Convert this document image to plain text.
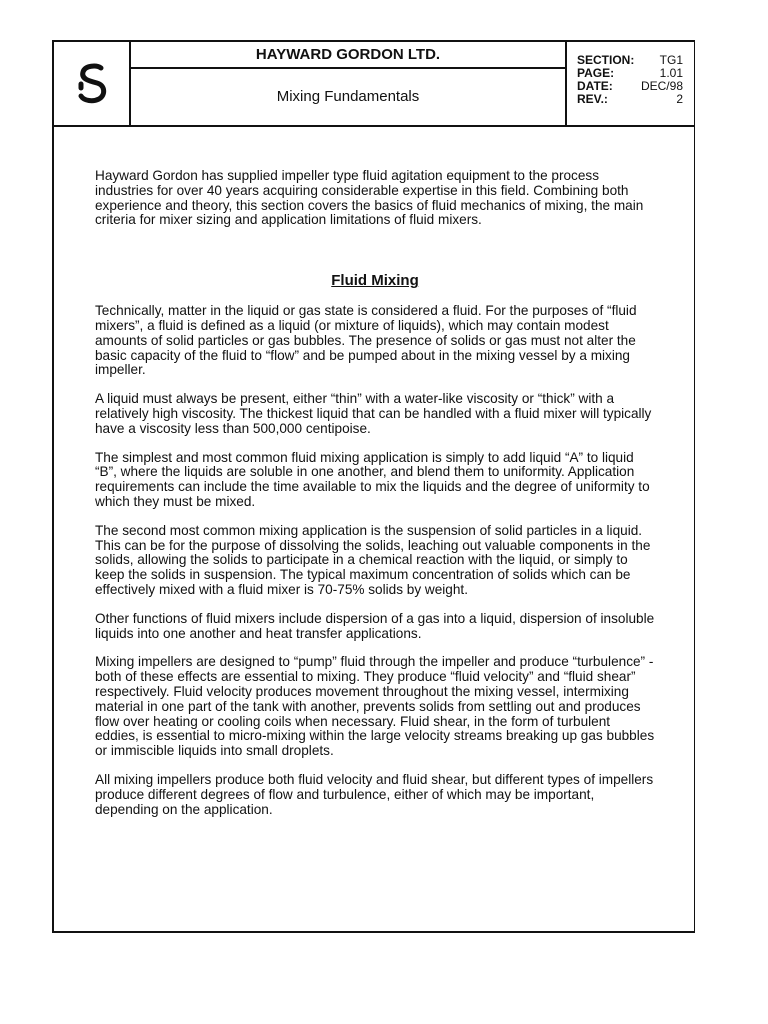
HAYWARD GORDON LTD.
Mixing Fundamentals
SECTION: TG1
PAGE:	1.01
DATE: DEC/98
REV.:	2

Hayward Gordon has supplied impeller type fluid agitation equipment to the process industries for over 40 years acquiring considerable expertise in this field. Combining both experience and theory, this section covers the basics of fluid mechanics of mixing, the main criteria for mixer sizing and application limitations of fluid mixers.

Fluid Mixing

Technically, matter in the liquid or gas state is considered a fluid. For the purposes of “fluid mixers”, a fluid is defined as a liquid (or mixture of liquids), which may contain modest amounts of solid particles or gas bubbles. The presence of solids or gas must not alter the basic capacity of the fluid to “flow” and be pumped about in the mixing vessel by a mixing impeller.

A liquid must always be present, either “thin” with a water-like viscosity or “thick” with a relatively high viscosity. The thickest liquid that can be handled with a fluid mixer will typically have a viscosity less than 500,000 centipoise.

The simplest and most common fluid mixing application is simply to add liquid “A” to liquid “B”, where the liquids are soluble in one another, and blend them to uniformity. Application requirements can include the time available to mix the liquids and the degree of uniformity to which they must be mixed.

The second most common mixing application is the suspension of solid particles in a liquid. This can be for the purpose of dissolving the solids, leaching out valuable components in the solids, allowing the solids to participate in a chemical reaction with the liquid, or simply to keep the solids in suspension. The typical maximum concentration of solids which can be effectively mixed with a fluid mixer is 70-75% solids by weight.

Other functions of fluid mixers include dispersion of a gas into a liquid, dispersion of insoluble liquids into one another and heat transfer applications.

Mixing impellers are designed to “pump” fluid through the impeller and produce “turbulence” - both of these effects are essential to mixing. They produce “fluid velocity” and “fluid shear” respectively. Fluid velocity produces movement throughout the mixing vessel, intermixing material in one part of the tank with another, prevents solids from settling out and produces flow over heating or cooling coils when necessary. Fluid shear, in the form of turbulent eddies, is essential to micro-mixing within the large velocity streams breaking up gas bubbles or immiscible liquids into small droplets.

All mixing impellers produce both fluid velocity and fluid shear, but different types of impellers produce different degrees of flow and turbulence, either of which may be important, depending on the application.
